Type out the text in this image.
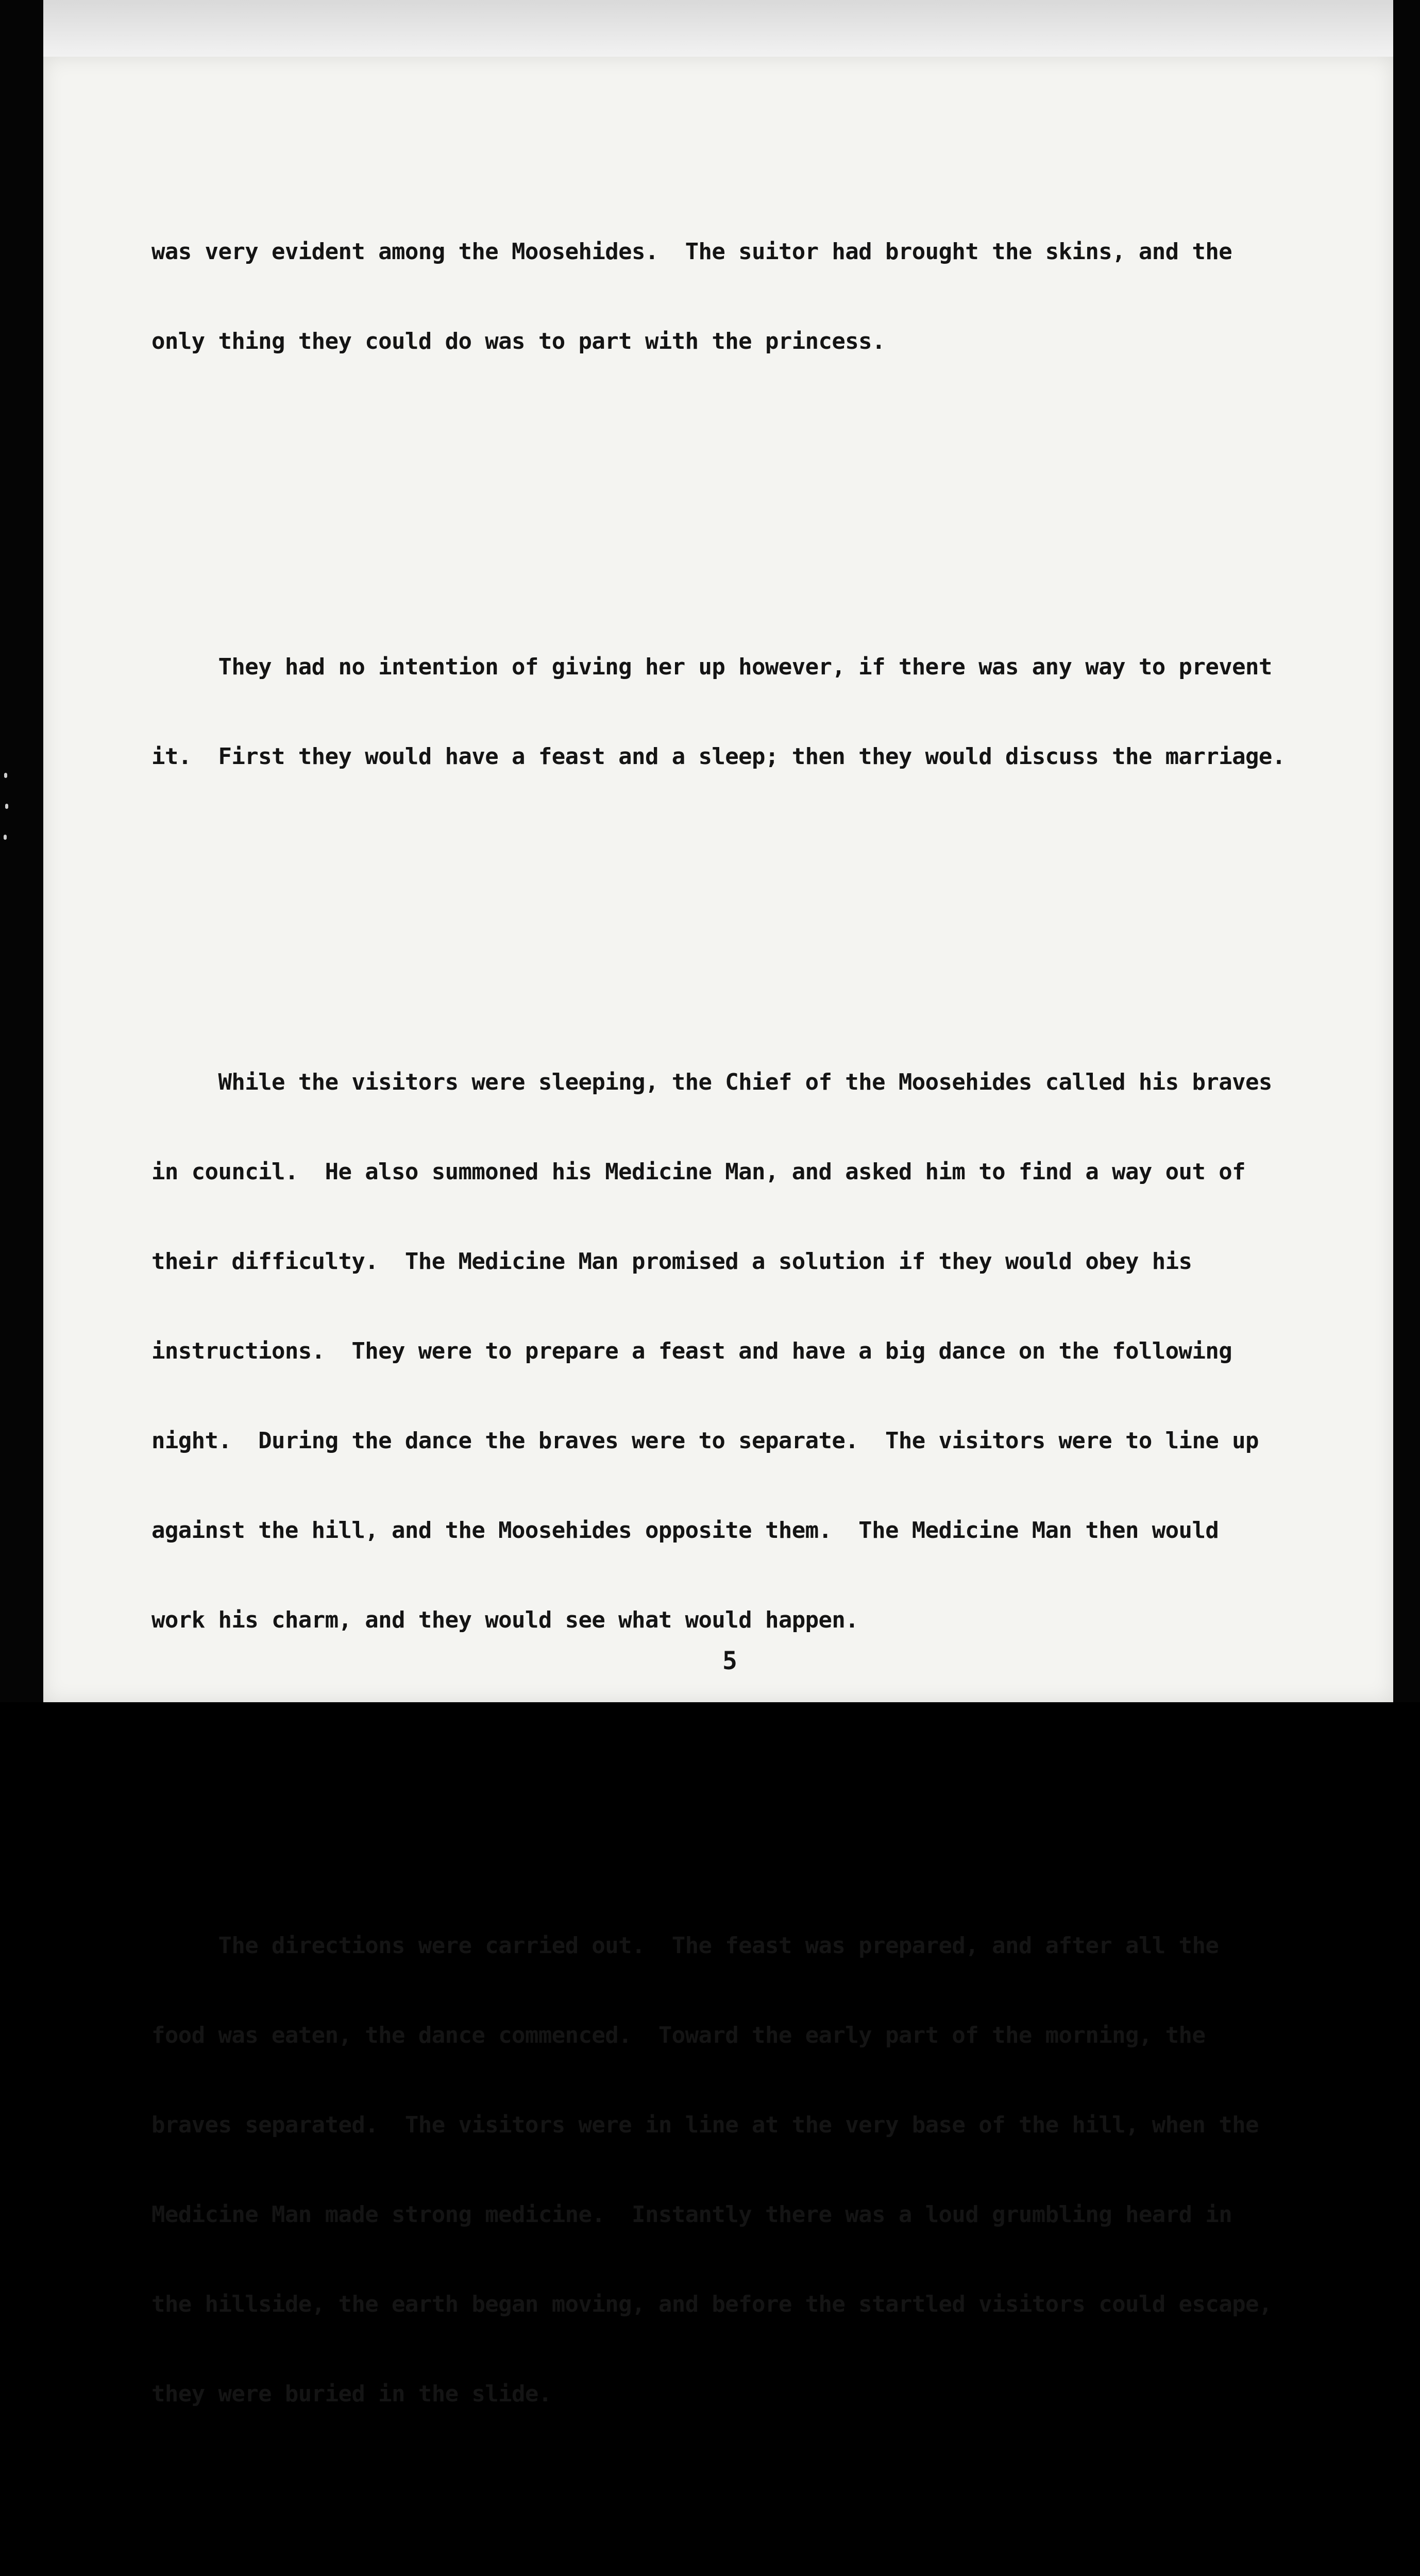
was very evident among the Moosehides.  The suitor had brought the skins, and the

only thing they could do was to part with the princess.

They had no intention of giving her up however, if there was any way to prevent

it.  First they would have a feast and a sleep; then they would discuss the marriage.

While the visitors were sleeping, the Chief of the Moosehides called his braves

in council.  He also summoned his Medicine Man, and asked him to find a way out of

their difficulty.  The Medicine Man promised a solution if they would obey his

instructions.  They were to prepare a feast and have a big dance on the following

night.  During the dance the braves were to separate.  The visitors were to line up

against the hill, and the Moosehides opposite them.  The Medicine Man then would

work his charm, and they would see what would happen.

The directions were carried out.  The feast was prepared, and after all the

food was eaten, the dance commenced.  Toward the early part of the morning, the

braves separated.  The visitors were in line at the very base of the hill, when the

Medicine Man made strong medicine.  Instantly there was a loud grumbling heard in

the hillside, the earth began moving, and before the startled visitors could escape,

they were buried in the slide.

5
